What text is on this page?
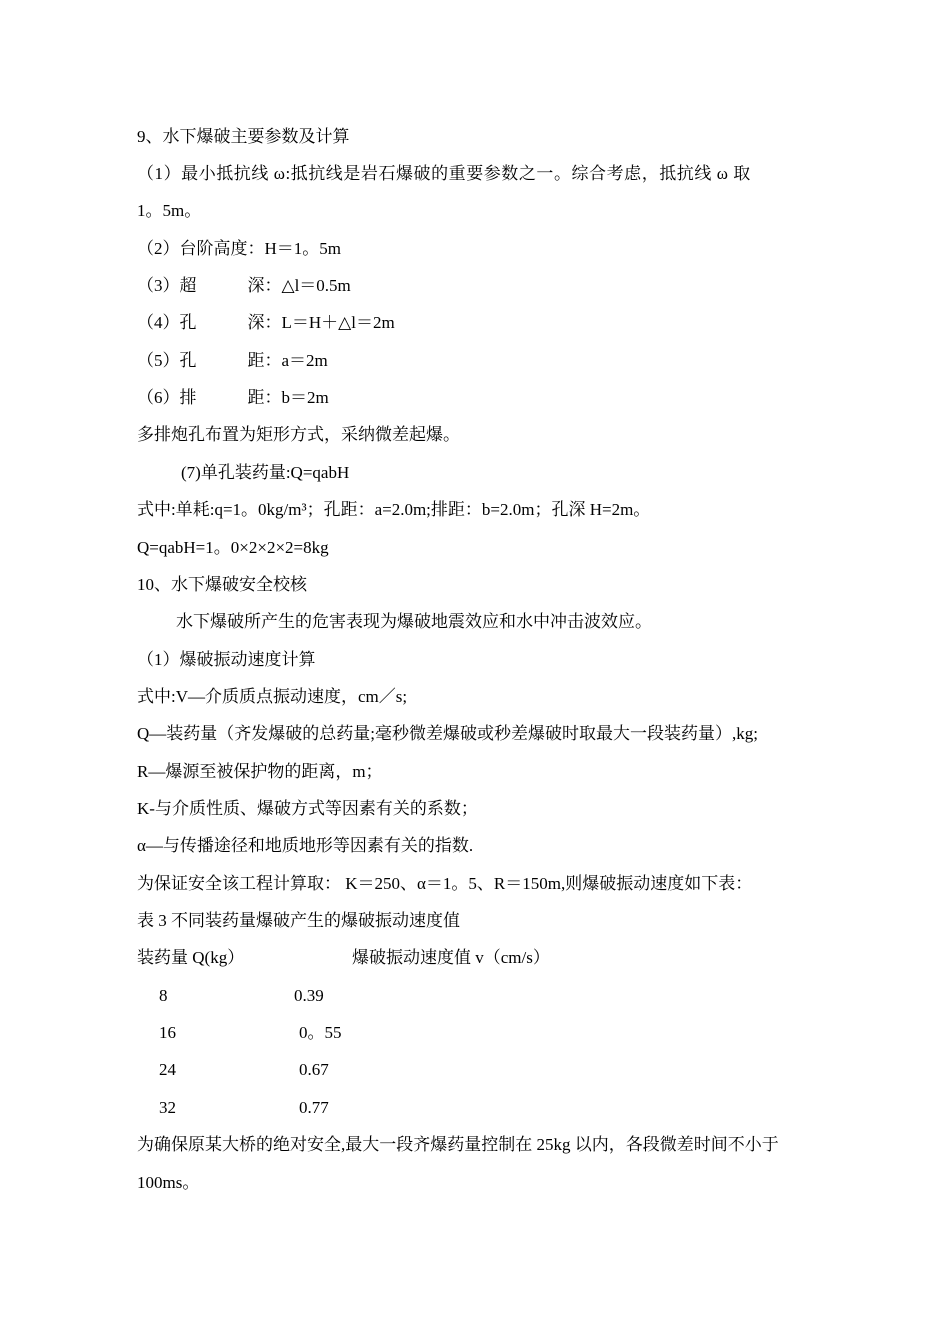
9、水下爆破主要参数及计算
（1）最小抵抗线 ω:抵抗线是岩石爆破的重要参数之一。综合考虑，抵抗线 ω 取
1。5m。
（2）台阶高度：H＝1。5m
（3）超　　　深：△l＝0.5m
（4）孔　　　深：L＝H＋△l＝2m
（5）孔　　　距：a＝2m
（6）排　　　距：b＝2m
多排炮孔布置为矩形方式，采纳微差起爆。
(7)单孔装药量:Q=qabH
式中:单耗:q=1。0kg/m³；孔距：a=2.0m;排距：b=2.0m；孔深 H=2m。
Q=qabH=1。0×2×2×2=8kg
10、水下爆破安全校核
水下爆破所产生的危害表现为爆破地震效应和水中冲击波效应。
（1）爆破振动速度计算
式中:V—介质质点振动速度，cm／s;
Q—装药量（齐发爆破的总药量;毫秒微差爆破或秒差爆破时取最大一段装药量）,kg;
R—爆源至被保护物的距离，m；
K-与介质性质、爆破方式等因素有关的系数；
α—与传播途径和地质地形等因素有关的指数.
为保证安全该工程计算取： K＝250、α＝1。5、R＝150m,则爆破振动速度如下表：
表 3 不同装药量爆破产生的爆破振动速度值
装药量 Q(kg）	爆破振动速度值 v（cm/s）
8	0.39
16	0。55
24	0.67
32	0.77
为确保原某大桥的绝对安全,最大一段齐爆药量控制在 25kg 以内，各段微差时间不小于
100ms。
